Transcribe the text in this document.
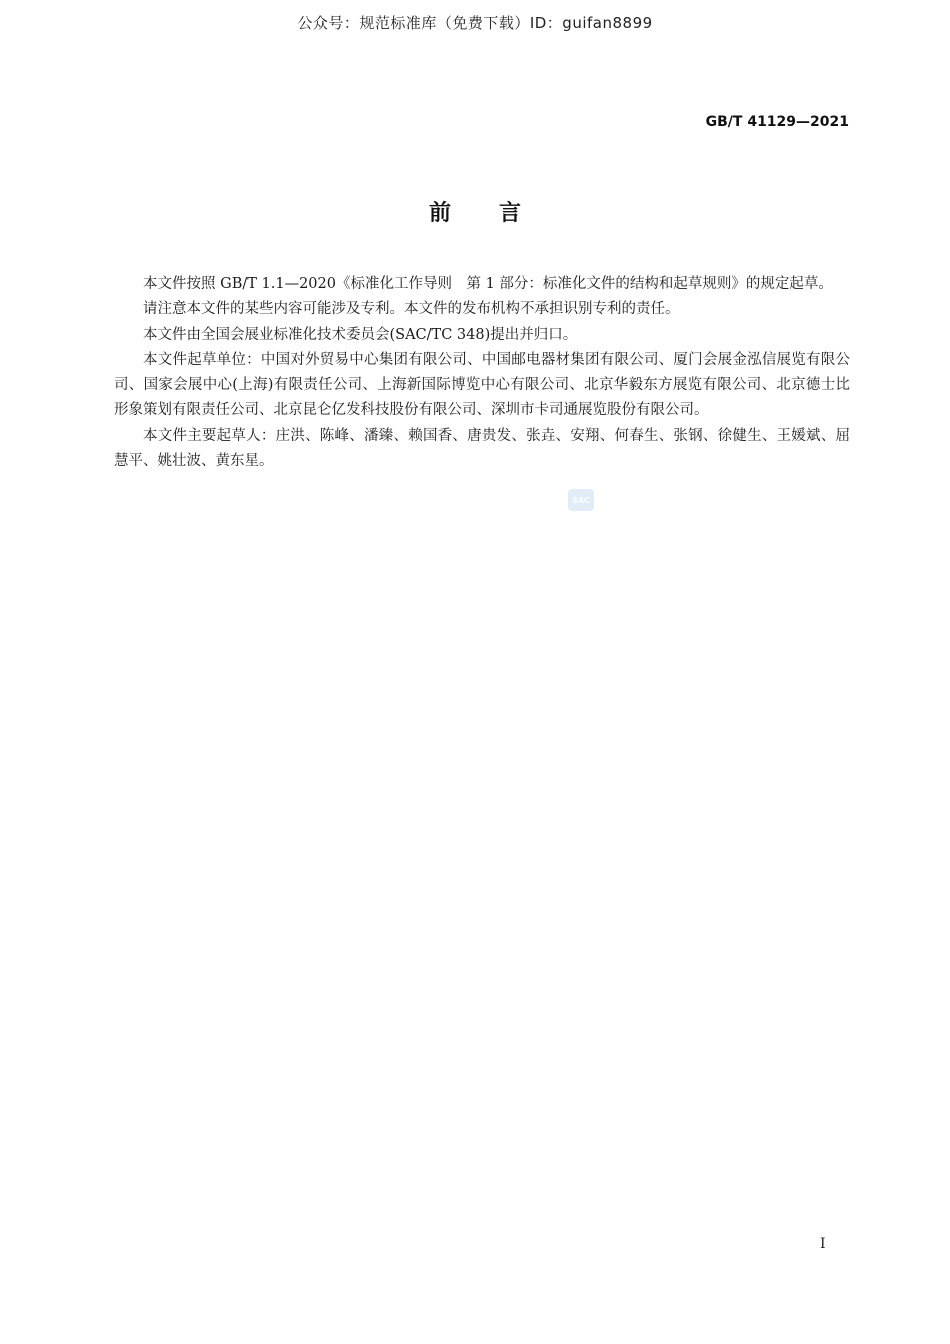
公众号：规范标准库（免费下载）ID：guifan8899
GB/T 41129—2021
前言

本文件按照 GB/T 1.1—2020《标准化工作导则　第 1 部分：标准化文件的结构和起草规则》的规定起草。

请注意本文件的某些内容可能涉及专利。本文件的发布机构不承担识别专利的责任。

本文件由全国会展业标准化技术委员会(SAC/TC 348)提出并归口。

本文件起草单位：中国对外贸易中心集团有限公司、中国邮电器材集团有限公司、厦门会展金泓信展览有限公司、国家会展中心(上海)有限责任公司、上海新国际博览中心有限公司、北京华毅东方展览有限公司、北京德士比形象策划有限责任公司、北京昆仑亿发科技股份有限公司、深圳市卡司通展览股份有限公司。

本文件主要起草人：庄洪、陈峰、潘臻、赖国香、唐贵发、张垚、安翔、何春生、张钢、徐健生、王媛斌、屈慧平、姚壮波、黄东星。

SAC
I
